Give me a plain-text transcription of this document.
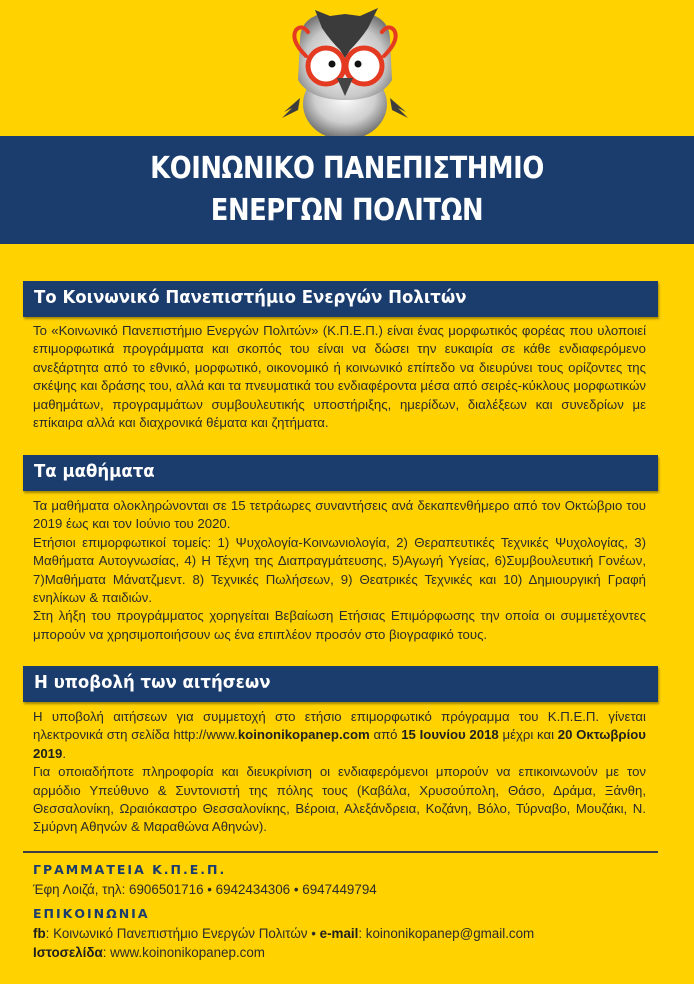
ΚΟΙΝΩΝΙΚΟ ΠΑΝΕΠΙΣΤΗΜΙΟ
ΕΝΕΡΓΩΝ ΠΟΛΙΤΩΝ
Το Κοινωνικό Πανεπιστήμιο Ενεργών Πολιτών

Το «Κοινωνικό Πανεπιστήμιο Ενεργών Πολιτών» (Κ.Π.Ε.Π.) είναι ένας μορφωτικός φορέας που υλοποιεί επιμορφωτικά προγράμματα και σκοπός του είναι να δώσει την ευκαιρία σε κάθε ενδιαφερόμενο ανεξάρτητα από το εθνικό, μορφωτικό, οικονομικό ή κοινωνικό επίπεδο να διευρύνει τους ορίζοντες της σκέψης και δράσης του, αλλά και τα πνευματικά του ενδιαφέροντα μέσα από σειρές-κύκλους μορφωτικών μαθημάτων, προγραμμάτων συμβουλευτικής υποστήριξης, ημερίδων, διαλέξεων και συνεδρίων με επίκαιρα αλλά και διαχρονικά θέματα και ζητήματα.

Τα μαθήματα

Τα μαθήματα ολοκληρώνονται σε 15 τετράωρες συναντήσεις ανά δεκαπενθήμερο από τον Οκτώβριο του 2019 έως και τον Ιούνιο του 2020.

Ετήσιοι επιμορφωτικοί τομείς: 1) Ψυχολογία-Κοινωνιολογία, 2) Θεραπευτικές Τεχνικές Ψυχολογίας, 3) Μαθήματα Αυτογνωσίας, 4) Η Τέχνη της Διαπραγμάτευσης, 5)Αγωγή Υγείας, 6)Συμβουλευτική Γονέων, 7)Μαθήματα Μάνατζμεντ. 8) Τεχνικές Πωλήσεων, 9) Θεατρικές Τεχνικές και 10) Δημιουργική Γραφή ενηλίκων & παιδιών.

Στη λήξη του προγράμματος χορηγείται Βεβαίωση Ετήσιας Επιμόρφωσης την οποία οι συμμετέχοντες μπορούν να χρησιμοποιήσουν ως ένα επιπλέον προσόν στο βιογραφικό τους.

Η υποβολή των αιτήσεων

Η υποβολή αιτήσεων για συμμετοχή στο ετήσιο επιμορφωτικό πρόγραμμα του Κ.Π.Ε.Π. γίνεται ηλεκτρονικά στη σελίδα http://www.koinonikopanep.com από 15 Ιουνίου 2018 μέχρι και 20 Οκτωβρίου 2019.

Για οποιαδήποτε πληροφορία και διευκρίνιση οι ενδιαφερόμενοι μπορούν να επικοινωνούν με τον αρμόδιο Υπεύθυνο & Συντονιστή της πόλης τους (Καβάλα, Χρυσούπολη, Θάσο, Δράμα, Ξάνθη, Θεσσαλονίκη, Ωραιόκαστρο Θεσσαλονίκης, Βέροια, Αλεξάνδρεια, Κοζάνη, Βόλο, Τύρναβο, Μουζάκι, Ν. Σμύρνη Αθηνών & Μαραθώνα Αθηνών).

ΓΡΑΜΜΑΤΕΙΑ Κ.Π.Ε.Π.
Έφη Λοιζά, τηλ: 6906501716 • 6942434306 • 6947449794
ΕΠΙΚΟΙΝΩΝΙΑ
fb: Κοινωνικό Πανεπιστήμιο Ενεργών Πολιτών • e-mail: koinonikopanep@gmail.com
Ιστοσελίδα: www.koinonikopanep.com
